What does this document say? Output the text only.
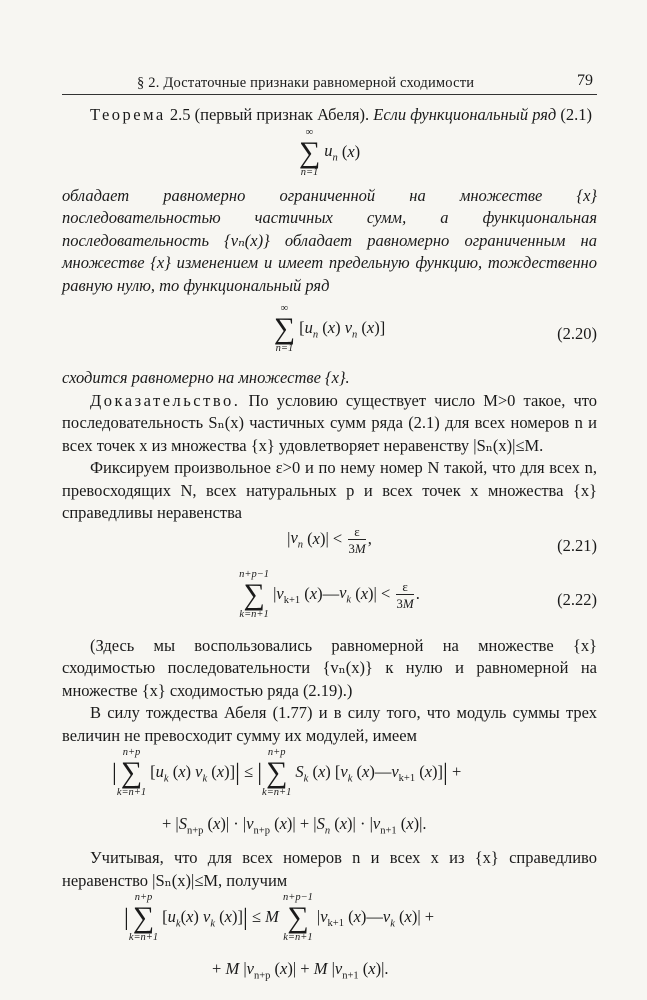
§ 2. Достаточные признаки равномерной сходимости	79

Теорема 2.5 (первый признак Абеля). Если функциональный ряд (2.1)

∞
∑
n=1
$u_n$ (x)

обладает равномерно ограниченной на множестве {x} последовательностью частичных сумм, а функциональная последовательность {vₙ(x)} обладает равномерно ограниченным на множестве {x} изменением и имеет предельную функцию, тождественно равную нулю, то функциональный ряд

∞
∑
n=1
[$u_n$ (x) $v_n$ (x)]	(2.20)

сходится равномерно на множестве {x}.

Доказательство. По условию существует число M>0 такое, что последовательность Sₙ(x) частичных сумм ряда (2.1) для всех номеров n и всех точек x из множества {x} удовлетворяет неравенству |Sₙ(x)|≤M.

Фиксируем произвольное ε>0 и по нему номер N такой, что для всех n, превосходящих N, всех натуральных p и всех точек x множества {x} справедливы неравенства

$|v_n$ $(x)| < \frac{\varepsilon}{3M}$ ,	(2.21)
n+p−1
∑
k=n+1
$|v_{k+1}$ $(x)—v_k$ $(x)| < \frac{\varepsilon}{3M}$ .	(2.22)

(Здесь мы воспользовались равномерной на множестве {x} сходимостью последовательности {vₙ(x)} к нулю и равномерной на множестве {x} сходимостью ряда (2.19).)

В силу тождества Абеля (1.77) и в силу того, что модуль суммы трех величин не превосходит сумму их модулей, имеем

|
n+p
∑
k=n+1
[$u_k$ (x) $v_k$ (x)]| ≤ |
n+p
∑
k=n+1
$S_k$ (x) [$v_k$ $(x)—v_{k+1}$ (x)]| +
+ $|S_{n+p}$ $(x)| \cdot |v_{n+p}$ $(x)| + |S_n$ $(x)| \cdot |v_{n+1}$ (x)|.

Учитывая, что для всех номеров n и всех x из {x} справедливо неравенство |Sₙ(x)|≤M, получим

|
n+p
∑
k=n+1
[$u_k(x)$ $v_k$ (x)]| ≤ M
n+p−1
∑
k=n+1
$|v_{k+1}$ $(x)—v_k$ (x)| +
+ M $|v_{n+p}$ (x)| + M $|v_{n+1}$ (x)|.
